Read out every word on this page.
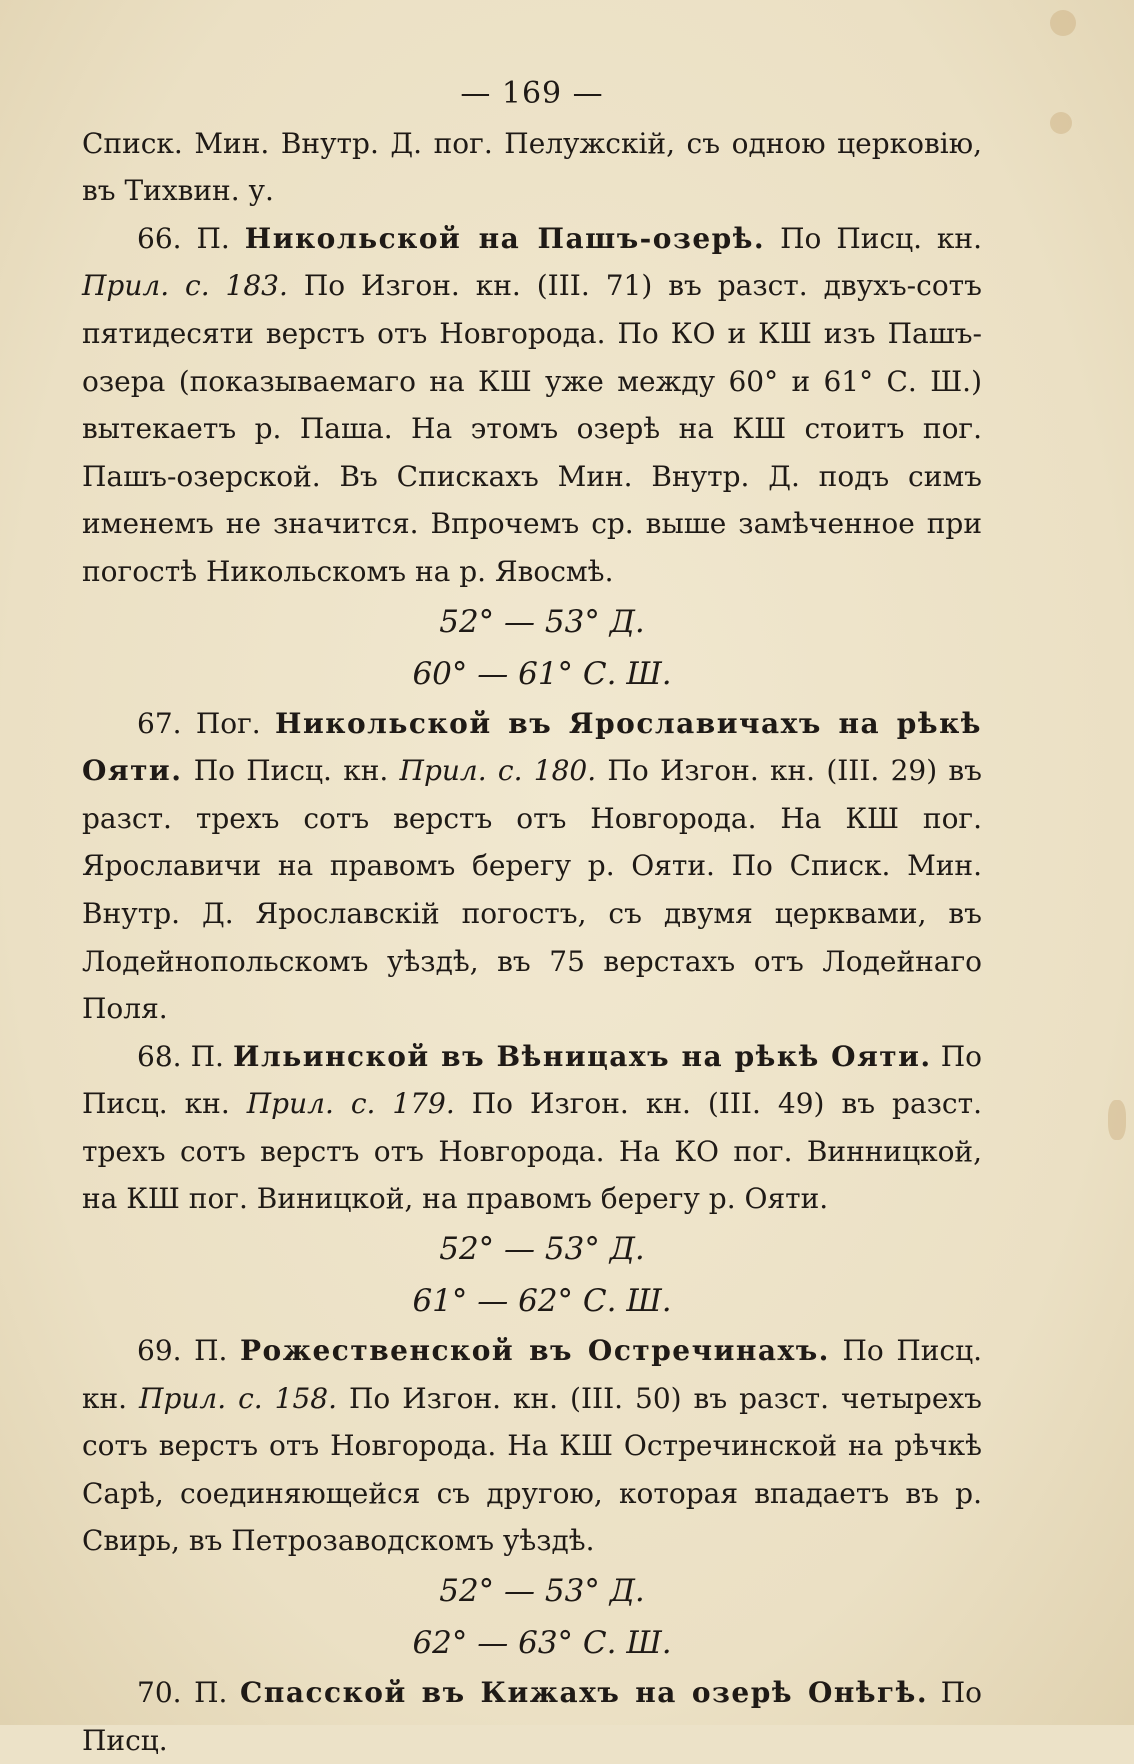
— 169 —

Списк. Мин. Внутр. Д. пог. Пелужскій, съ одною церковію, въ Тихвин. у.

66. П. Никольской на Пашъ-озерѣ. По Писц. кн. Прил. с. 183. По Изгон. кн. (III. 71) въ разст. двухъ-сотъ пятидесяти верстъ отъ Новгорода. По КО и КШ изъ Пашъ-озера (показываемаго на КШ уже между 60° и 61° С. Ш.) вытекаетъ р. Паша. На этомъ озерѣ на КШ стоитъ пог. Пашъ-озерской. Въ Спискахъ Мин. Внутр. Д. подъ симъ именемъ не значится. Впрочемъ ср. выше замѣченное при погостѣ Никольскомъ на р. Явосмѣ.

52° — 53° Д.
60° — 61° С. Ш.

67. Пог. Никольской въ Ярославичахъ на рѣкѣ Ояти. По Писц. кн. Прил. с. 180. По Изгон. кн. (III. 29) въ разст. трехъ сотъ верстъ отъ Новгорода. На КШ пог. Ярославичи на правомъ берегу р. Ояти. По Списк. Мин. Внутр. Д. Ярославскій погостъ, съ двумя церквами, въ Лодейнопольскомъ уѣздѣ, въ 75 верстахъ отъ Лодейнаго Поля.

68. П. Ильинской въ Вѣницахъ на рѣкѣ Ояти. По Писц. кн. Прил. с. 179. По Изгон. кн. (III. 49) въ разст. трехъ сотъ верстъ отъ Новгорода. На КО пог. Винницкой, на КШ пог. Виницкой, на правомъ берегу р. Ояти.

52° — 53° Д.
61° — 62° С. Ш.

69. П. Рожественской въ Остречинахъ. По Писц. кн. Прил. с. 158. По Изгон. кн. (III. 50) въ разст. четырехъ сотъ верстъ отъ Новгорода. На КШ Остречинской на рѣчкѣ Сарѣ, соединяющейся съ другою, которая впадаетъ въ р. Свирь, въ Петрозаводскомъ уѣздѣ.

52° — 53° Д.
62° — 63° С. Ш.

70. П. Спасской въ Кижахъ на озерѣ Онѣгѣ. По Писц.
